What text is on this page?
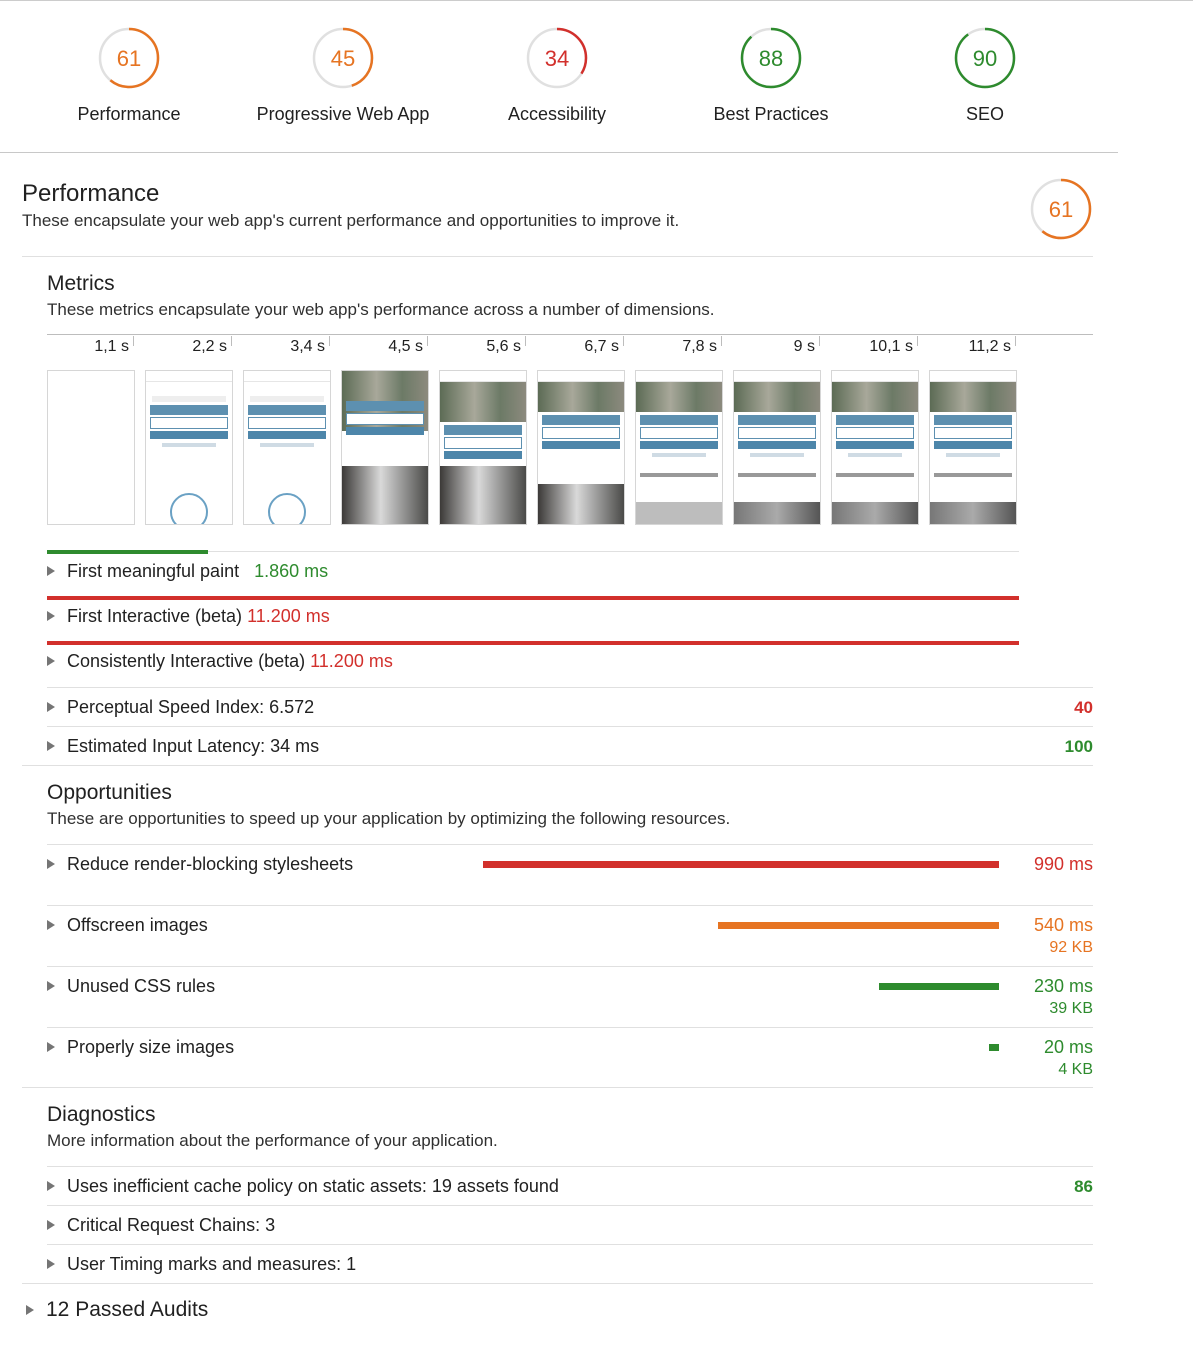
61
Performance
45
Progressive Web App
34
Accessibility
88
Best Practices
90
SEO
Performance
These encapsulate your web app's current performance and opportunities to improve it.	61
Metrics
These metrics encapsulate your web app's performance across a number of dimensions.
1,1 s	2,2 s	3,4 s	4,5 s	5,6 s	6,7 s	7,8 s	9 s	10,1 s	11,2 s
First meaningful paint 1.860 ms
First Interactive (beta) 11.200 ms
Consistently Interactive (beta) 11.200 ms
Perceptual Speed Index: 6.572	40
Estimated Input Latency: 34 ms	100
Opportunities
These are opportunities to speed up your application by optimizing the following resources.
Reduce render-blocking stylesheets	990 ms
Offscreen images	540 ms
92 KB
Unused CSS rules	230 ms
39 KB
Properly size images	20 ms
4 KB
Diagnostics
More information about the performance of your application.
Uses inefficient cache policy on static assets: 19 assets found	86
Critical Request Chains: 3
User Timing marks and measures: 1
12 Passed Audits
